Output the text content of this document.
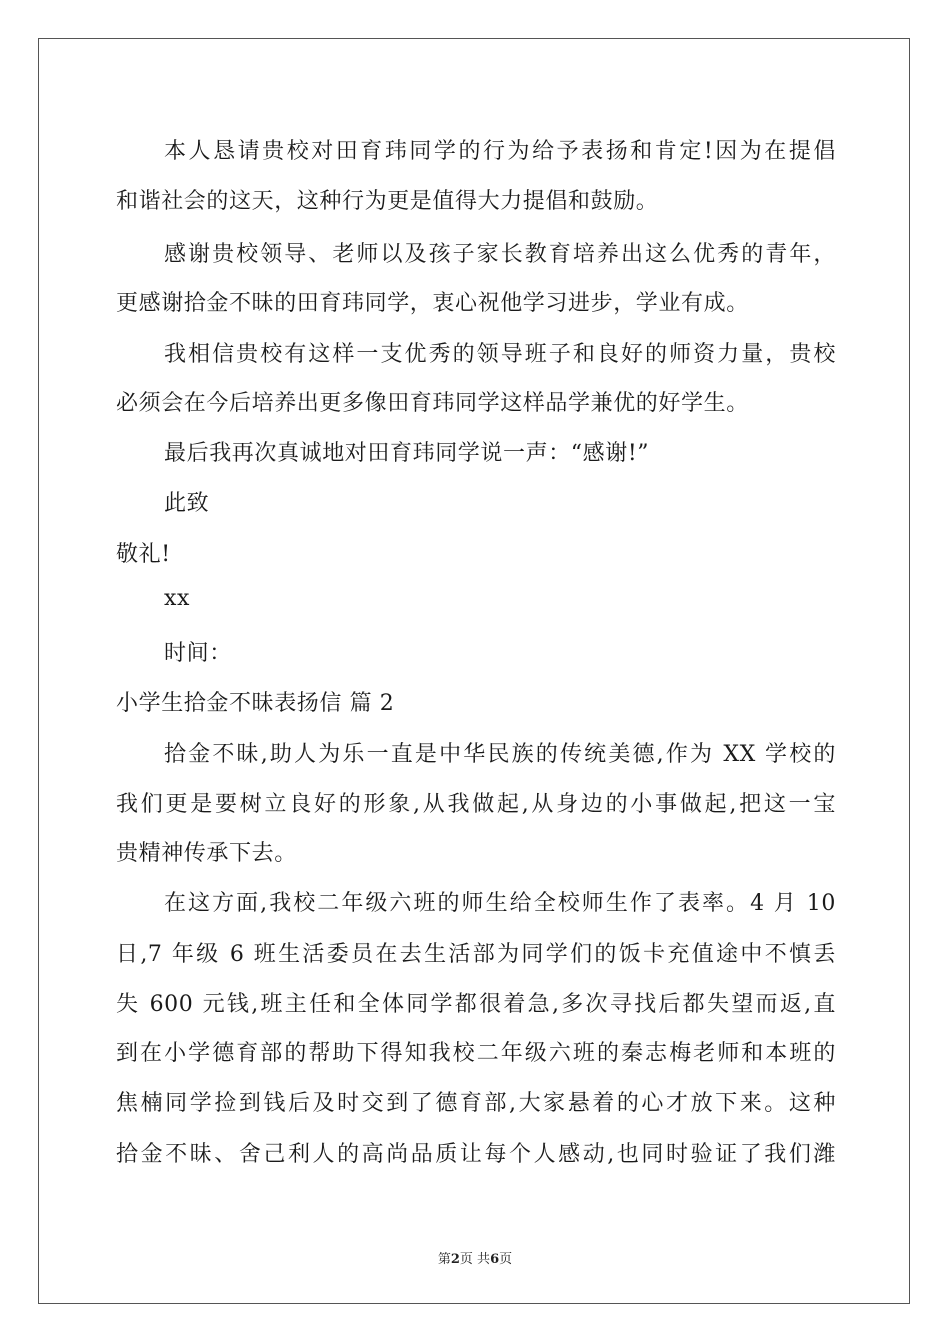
本人恳请贵校对田育玮同学的行为给予表扬和肯定!因为在提倡
和谐社会的这天，这种行为更是值得大力提倡和鼓励。
感谢贵校领导、老师以及孩子家长教育培养出这么优秀的青年，
更感谢拾金不昧的田育玮同学，衷心祝他学习进步，学业有成。
我相信贵校有这样一支优秀的领导班子和良好的师资力量，贵校
必须会在今后培养出更多像田育玮同学这样品学兼优的好学生。
最后我再次真诚地对田育玮同学说一声：“感谢!”
此致
敬礼!
xx
时间：
小学生拾金不昧表扬信 篇 2
拾金不昧,助人为乐一直是中华民族的传统美德,作为 XX 学校的
我们更是要树立良好的形象,从我做起,从身边的小事做起,把这一宝
贵精神传承下去。
在这方面,我校二年级六班的师生给全校师生作了表率。4 月 10
日,7 年级 6 班生活委员在去生活部为同学们的饭卡充值途中不慎丢
失 600 元钱,班主任和全体同学都很着急,多次寻找后都失望而返,直
到在小学德育部的帮助下得知我校二年级六班的秦志梅老师和本班的
焦楠同学捡到钱后及时交到了德育部,大家悬着的心才放下来。这种
拾金不昧、舍己利人的高尚品质让每个人感动,也同时验证了我们潍
第2页 共6页
